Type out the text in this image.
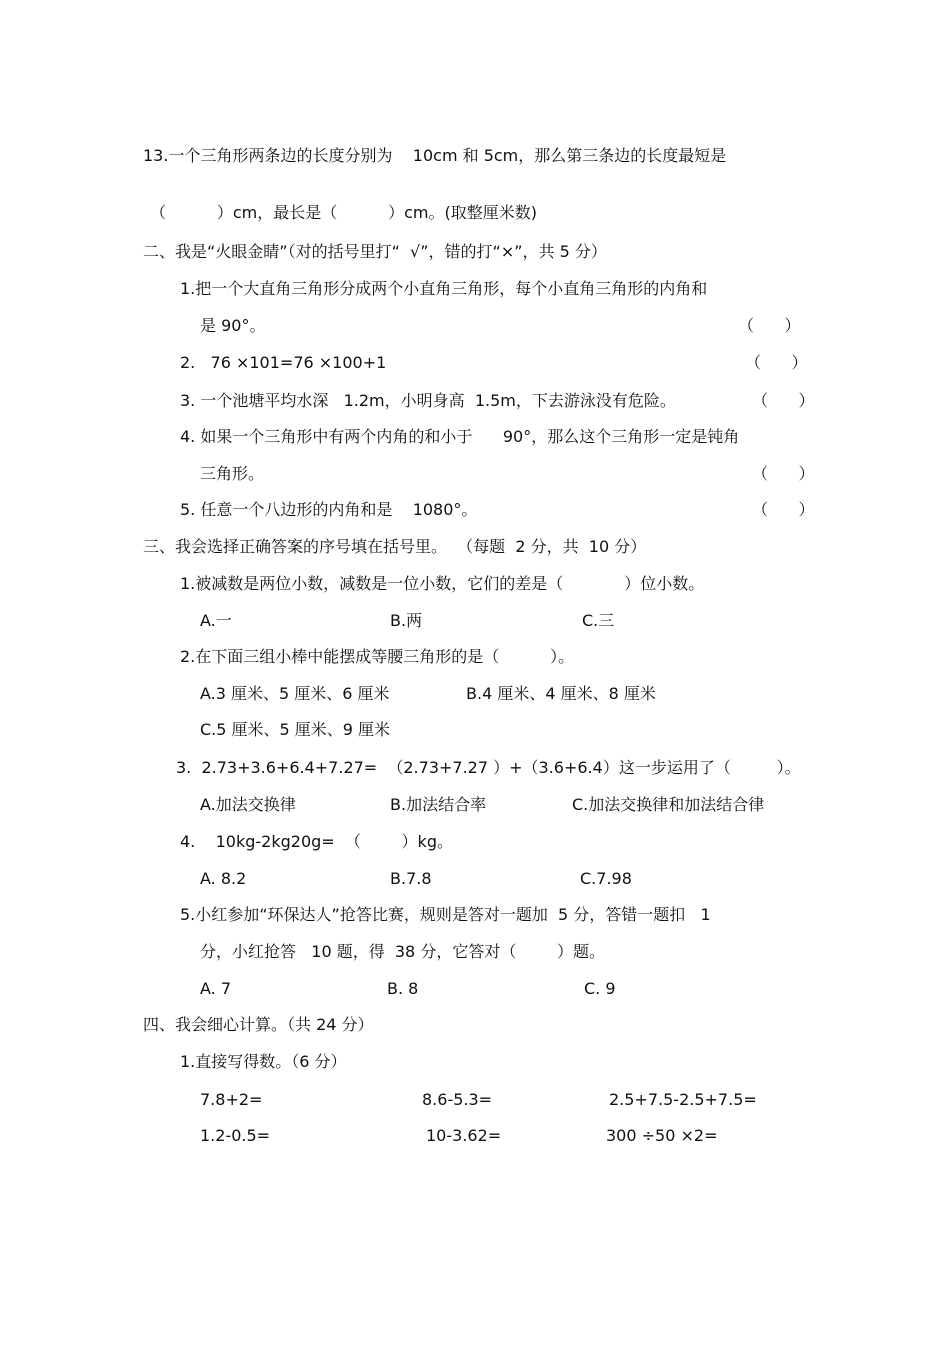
13.一个三角形两条边的长度分别为    10cm 和 5cm，那么第三条边的长度最短是
（          ）cm，最长是（          ）cm。(取整厘米数)
二、我是“火眼金睛”（对的括号里打“  √”，错的打“×”，共 5 分）
1.把一个大直角三角形分成两个小直角三角形，每个小直角三角形的内角和
是 90°。	（      ）
2.   76 ×101=76 ×100+1	（      ）
3. 一个池塘平均水深   1.2m，小明身高  1.5m，下去游泳没有危险。	（      ）
4. 如果一个三角形中有两个内角的和小于      90°，那么这个三角形一定是钝角
三角形。	（      ）
5. 任意一个八边形的内角和是    1080°。	（      ）
三、我会选择正确答案的序号填在括号里。  （每题  2 分，共  10 分）
1.被减数是两位小数，减数是一位小数，它们的差是（            ）位小数。
A.一	B.两	C.三
2.在下面三组小棒中能摆成等腰三角形的是（          ）。
A.3 厘米、5 厘米、6 厘米	B.4 厘米、4 厘米、8 厘米
C.5 厘米、5 厘米、9 厘米
3.  2.73+3.6+6.4+7.27=  （2.73+7.27 ）+（3.6+6.4）这一步运用了（         ）。
A.加法交换律	B.加法结合率	C.加法交换律和加法结合律
4.    10kg-2kg20g=  （        ）kg。
A. 8.2	B.7.8	C.7.98
5.小红参加“环保达人”抢答比赛，规则是答对一题加  5 分，答错一题扣   1
分，小红抢答   10 题，得  38 分，它答对（        ）题。
A. 7	B. 8	C. 9
四、我会细心计算。（共 24 分）
1.直接写得数。（6 分）
7.8+2=	8.6-5.3=	2.5+7.5-2.5+7.5=
1.2-0.5=	10-3.62=	300 ÷50 ×2=
